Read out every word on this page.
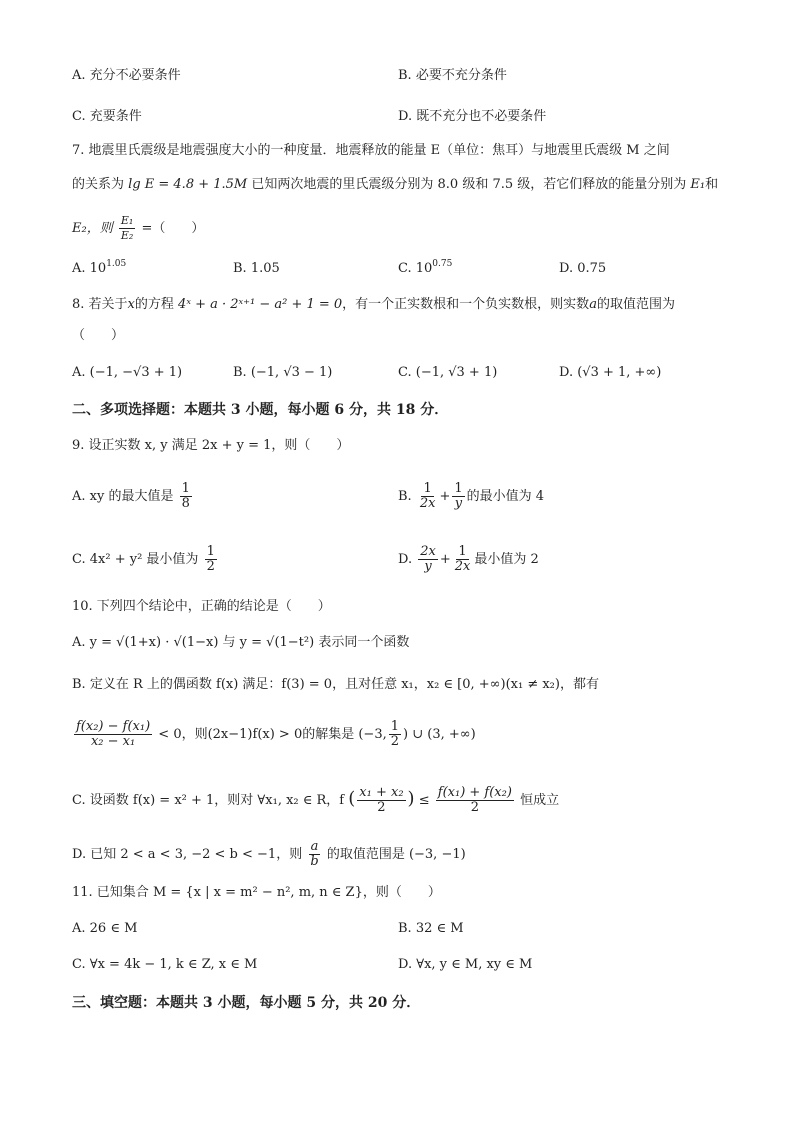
A. 充分不必要条件	B. 必要不充分条件
C. 充要条件	D. 既不充分也不必要条件
7. 地震里氏震级是地震强度大小的一种度量．地震释放的能量 E（单位：焦耳）与地震里氏震级 M 之间
的关系为 lg E = 4.8 + 1.5M 已知两次地震的里氏震级分别为 8.0 级和 7.5 级，若它们释放的能量分别为 E₁和
E₂，则 $\frac{\text{E₁}}{\text{E₂}}$ =（　　）
A. $10^{1.05}$	B. 1.05	C. $10^{0.75}$	D. 0.75
8. 若关于x的方程 4ˣ + a · 2ˣ⁺¹ − a² + 1 = 0，有一个正实数根和一个负实数根，则实数a的取值范围为
（　　）
A. (−1, −√3 + 1)	B. (−1, √3 − 1)	C. (−1, √3 + 1)	D. (√3 + 1, +∞)
二、多项选择题：本题共 3 小题，每小题 6 分，共 18 分．
9. 设正实数 x, y 满足 2x + y = 1，则（　　）
A. xy 的最大值是 $\frac{1}{8}$	B. $\frac{1}{2x} + \frac{1}{y}$ 的最小值为 4
C. 4x² + y² 最小值为 $\frac{1}{2}$	D. $\frac{2x}{y} + \frac{1}{2x}$ 最小值为 2
10. 下列四个结论中，正确的结论是（　　）
A. y = √(1+x) · √(1−x) 与 y = √(1−t²) 表示同一个函数
B. 定义在 R 上的偶函数 f(x) 满足：f(3) = 0，且对任意 x₁，x₂ ∈ [0, +∞)(x₁ ≠ x₂)，都有
$\frac{\text{f(x₂) − f(x₁)}}{\text{x₂ − x₁}} < 0$，则(2x−1)f(x) > 0的解集是 (−3, $\frac{1}{2}$ ) ∪ (3, +∞)
C. 设函数 f(x) = x² + 1，则对 ∀x₁, x₂ ∈ R，f ( $\frac{\text{x₁ + x₂}}{2}$ ) ≤ $\frac{\text{f(x₁) + f(x₂)}}{2}$ 恒成立
D. 已知 2 < a < 3, −2 < b < −1，则 $\frac{a}{b}$ 的取值范围是 (−3, −1)
11. 已知集合 M = {x | x = m² − n², m, n ∈ Z}，则（　　）
A. 26 ∈ M	B. 32 ∈ M
C. ∀x = 4k − 1, k ∈ Z, x ∈ M	D. ∀x, y ∈ M, xy ∈ M
三、填空题：本题共 3 小题，每小题 5 分，共 20 分．
